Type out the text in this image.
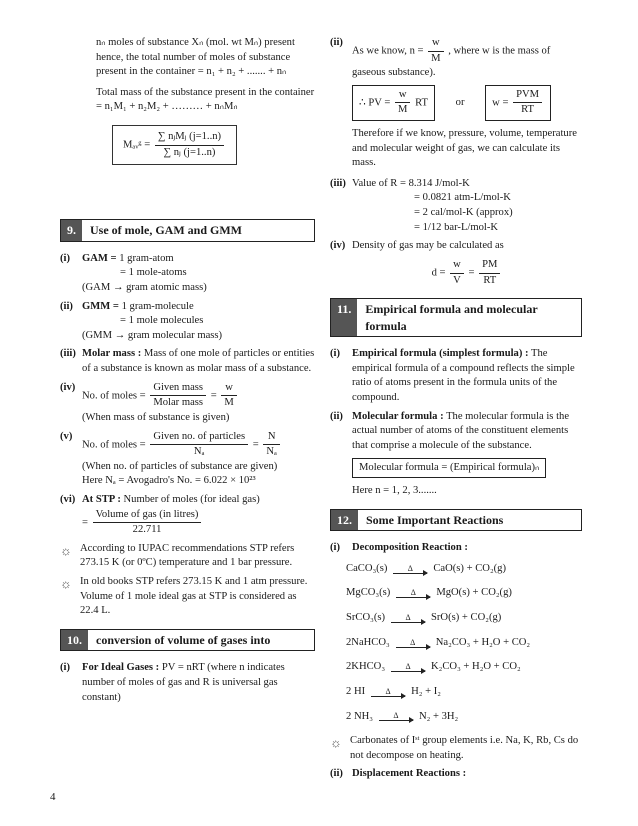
nₙ moles of substance Xₙ (mol. wt Mₙ) present hence, the total number of moles of substance present in the container = n₁ + n₂ + ....... + nₙ
Total mass of the substance present in the container = n₁M₁ + n₂M₂ + ……… + nₙMₙ
Mₐᵥᵍ = $\frac{\text{∑ nⱼMⱼ (j=1..n)}}{\text{∑ nⱼ (j=1..n)}}$
9.	Use of mole, GAM and GMM
(i)	GAM = 1 gram-atom
= 1 mole-atoms
(GAM → gram atomic mass)
(ii) GMM = 1 gram-molecule
= 1 mole molecules
(GMM → gram molecular mass)
(iii) Molar mass : Mass of one mole of particles or entities of a substance is known as molar mass of a substance.
(iv)
No. of moles = $\frac{\text{Given mass}}{\text{Molar mass}} = \frac{w}{M}$
(When mass of substance is given)
(v)
No. of moles = $\frac{\text{Given no. of particles}}{\text{Nₐ}} = \frac{N}{\text{Nₐ}}$
(When no. of particles of substance are given)
Here Nₐ = Avogadro's No. = 6.022 × 10²³
(vi) At STP : Number of moles (for ideal gas)
= $\frac{\text{Volume of gas (in litres)}}{22.711}$
☼ According to IUPAC recommendations STP refers 273.15 K (or 0ºC) temperature and 1 bar pressure.
☼ In old books STP refers 273.15 K and 1 atm pressure. Volume of 1 mole ideal gas at STP is considered as 22.4 L.
10.	conversion of volume of gases into
(i)	For Ideal Gases : PV = nRT (where n indicates number of moles of gas and R is universal gas constant)
(ii)
As we know, $n = \frac{w}{M}$ , where w is the mass of gaseous substance).
∴ PV = $\frac{w}{M}$ RT	or	$w = \frac{\text{PVM}}{RT}$
Therefore if we know, pressure, volume, temperature and molecular weight of gas, we can calculate its mass.
(iii) Value of R = 8.314 J/mol-K
= 0.0821 atm-L/mol-K
= 2 cal/mol-K (approx)
= 1/12 bar-L/mol-K
(iv) Density of gas may be calculated as
$d = \frac{w}{V} = \frac{PM}{RT}$
11.	Empirical formula and molecular formula
(i)	Empirical formula (simplest formula) : The empirical formula of a compound reflects the simple ratio of atoms present in the formula units of the compound.
(ii) Molecular formula : The molecular formula is the actual number of atoms of the constituent elements that comprise a molecule of the substance.
Molecular formula = (Empirical formula)ₙ
Here n = 1, 2, 3.......
12.	Some Important Reactions
(i)	Decomposition Reaction :
CaCO₃(s)	Δ CaO(s) + CO₂(g)
MgCO₃(s)	Δ MgO(s) + CO₂(g)
SrCO₃(s)	Δ SrO(s) + CO₂(g)
2NaHCO₃	Δ Na₂CO₃ + H₂O + CO₂
2KHCO₃	Δ K₂CO₃ + H₂O + CO₂
2 HI	Δ H₂ + I₂
2 NH₃	Δ N₂ + 3H₂
☼ Carbonates of Iˢᵗ group elements i.e. Na, K, Rb, Cs do not decompose on heating.
(ii) Displacement Reactions :
4
